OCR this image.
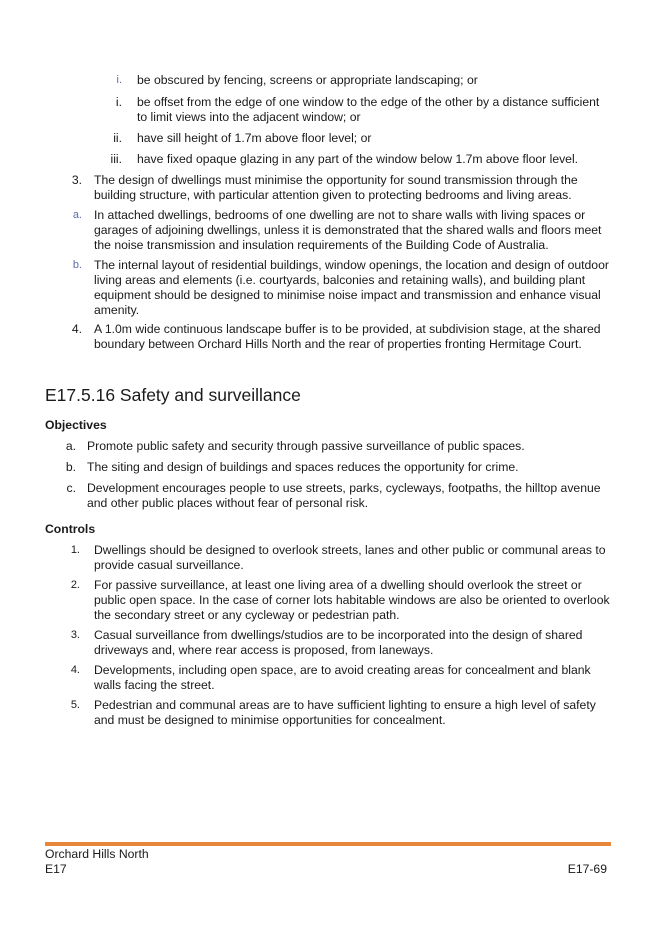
i. be obscured by fencing, screens or appropriate landscaping; or
i. be offset from the edge of one window to the edge of the other by a distance sufficient to limit views into the adjacent window; or
ii. have sill height of 1.7m above floor level; or
iii. have fixed opaque glazing in any part of the window below 1.7m above floor level.
3. The design of dwellings must minimise the opportunity for sound transmission through the building structure, with particular attention given to protecting bedrooms and living areas.
a. In attached dwellings, bedrooms of one dwelling are not to share walls with living spaces or garages of adjoining dwellings, unless it is demonstrated that the shared walls and floors meet the noise transmission and insulation requirements of the Building Code of Australia.
b. The internal layout of residential buildings, window openings, the location and design of outdoor living areas and elements (i.e. courtyards, balconies and retaining walls), and building plant equipment should be designed to minimise noise impact and transmission and enhance visual amenity.
4. A 1.0m wide continuous landscape buffer is to be provided, at subdivision stage, at the shared boundary between Orchard Hills North and the rear of properties fronting Hermitage Court.
E17.5.16 Safety and surveillance
Objectives
a. Promote public safety and security through passive surveillance of public spaces.
b. The siting and design of buildings and spaces reduces the opportunity for crime.
c. Development encourages people to use streets, parks, cycleways, footpaths, the hilltop avenue and other public places without fear of personal risk.
Controls
1. Dwellings should be designed to overlook streets, lanes and other public or communal areas to provide casual surveillance.
2. For passive surveillance, at least one living area of a dwelling should overlook the street or public open space. In the case of corner lots habitable windows are also be oriented to overlook the secondary street or any cycleway or pedestrian path.
3. Casual surveillance from dwellings/studios are to be incorporated into the design of shared driveways and, where rear access is proposed, from laneways.
4. Developments, including open space, are to avoid creating areas for concealment and blank walls facing the street.
5. Pedestrian and communal areas are to have sufficient lighting to ensure a high level of safety and must be designed to minimise opportunities for concealment.
Orchard Hills North
E17	E17-69
